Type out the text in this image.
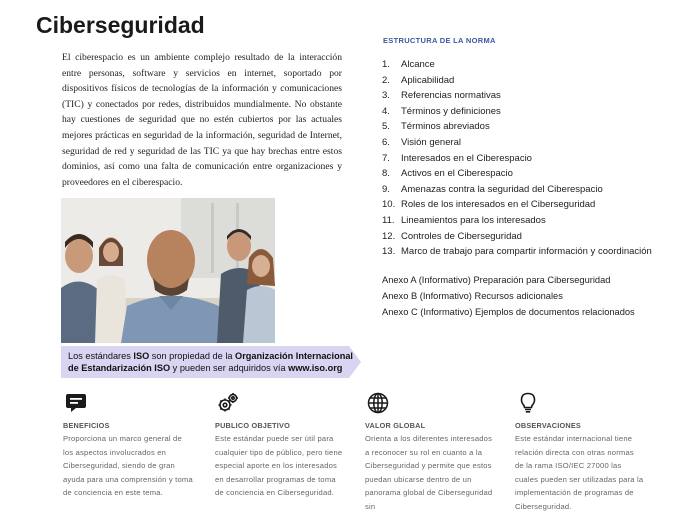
Ciberseguridad
El ciberespacio es un ambiente complejo resultado de la interacción entre personas, software y servicios en internet, soportado por dispositivos físicos de tecnologías de la información y comunicaciones (TIC) y conectados por redes, distribuidos mundialmente. No obstante hay cuestiones de seguridad que no estén cubiertos por las actuales mejores prácticas en seguridad de la información, seguridad de Internet, seguridad de red y seguridad de las TIC ya que hay brechas entre estos dominios, así como una falta de comunicación entre organizaciones y proveedores en el ciberespacio.
Los estándares ISO son propiedad de la Organización Internacional de Estandarización ISO y pueden ser adquiridos vía www.iso.org
ESTRUCTURA DE LA NORMA
1. Alcance
2. Aplicabilidad
3. Referencias normativas
4. Términos y definiciones
5. Términos abreviados
6. Visión general
7. Interesados en el Ciberespacio
8. Activos en el Ciberespacio
9. Amenazas contra la seguridad del Ciberespacio
10. Roles de los interesados en el Ciberseguridad
11. Lineamientos para los interesados
12. Controles de Ciberseguridad
13. Marco de trabajo para compartir información y coordinación
Anexo A (Informativo) Preparación para Ciberseguridad
Anexo B (Informativo) Recursos adicionales
Anexo C (Informativo) Ejemplos de documentos relacionados
BENEFICIOS
Proporciona un marco general de los aspectos involucrados en Ciberseguridad, siendo de gran ayuda para una comprensión y toma de conciencia en este tema.
PUBLICO OBJETIVO
Este estándar puede ser útil para cualquier tipo de público, pero tiene especial aporte en los interesados en desarrollar programas de toma de conciencia en Ciberseguridad.
VALOR GLOBAL
Orienta a los diferentes interesados a reconocer su rol en cuanto a la Ciberseguridad y permite que estos puedan ubicarse dentro de un panorama global de Ciberseguridad sin
OBSERVACIONES
Este estándar internacional tiene relación directa con otras normas de la rama ISO/IEC 27000 las cuales pueden ser utilizadas para la implementación de programas de Ciberseguridad.
